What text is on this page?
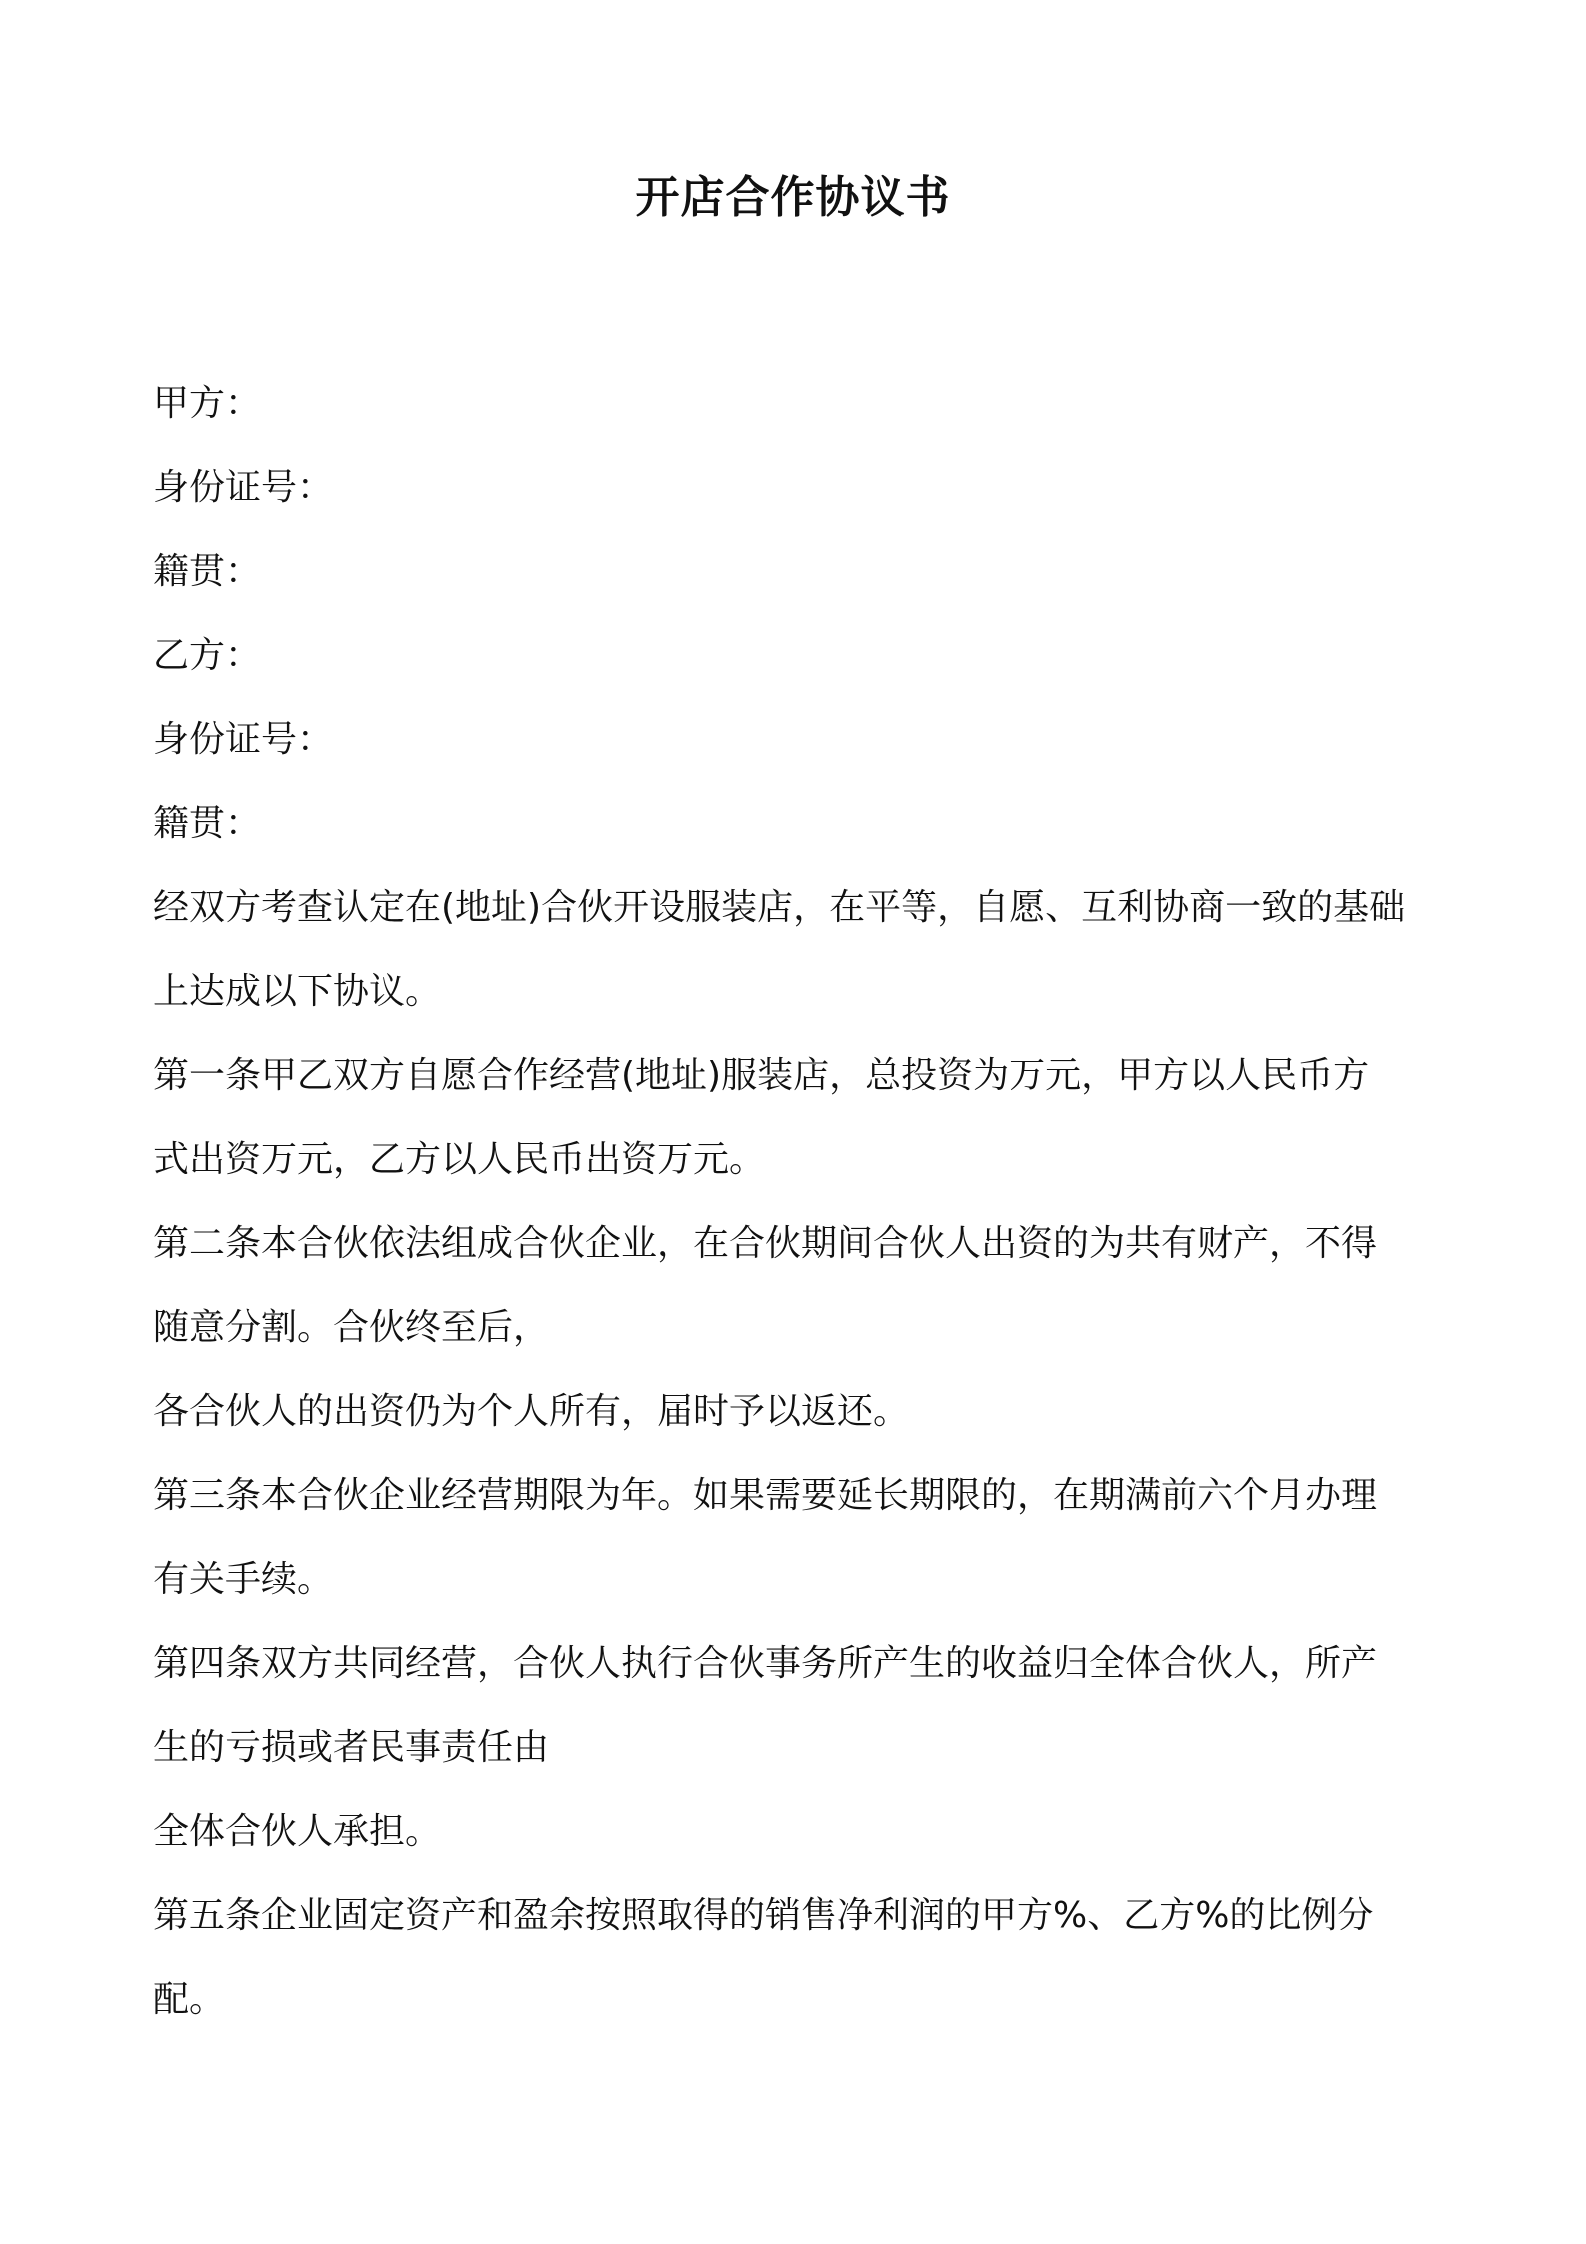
开店合作协议书
甲方：
身份证号：
籍贯：
乙方：
身份证号：
籍贯：
经双方考查认定在(地址)合伙开设服装店，在平等，自愿、互利协商一致的基础
上达成以下协议。
第一条甲乙双方自愿合作经营(地址)服装店，总投资为万元，甲方以人民币方
式出资万元，乙方以人民币出资万元。
第二条本合伙依法组成合伙企业，在合伙期间合伙人出资的为共有财产，不得
随意分割。合伙终至后，
各合伙人的出资仍为个人所有，届时予以返还。
第三条本合伙企业经营期限为年。如果需要延长期限的，在期满前六个月办理
有关手续。
第四条双方共同经营，合伙人执行合伙事务所产生的收益归全体合伙人，所产
生的亏损或者民事责任由
全体合伙人承担。
第五条企业固定资产和盈余按照取得的销售净利润的甲方%、乙方%的比例分
配。
